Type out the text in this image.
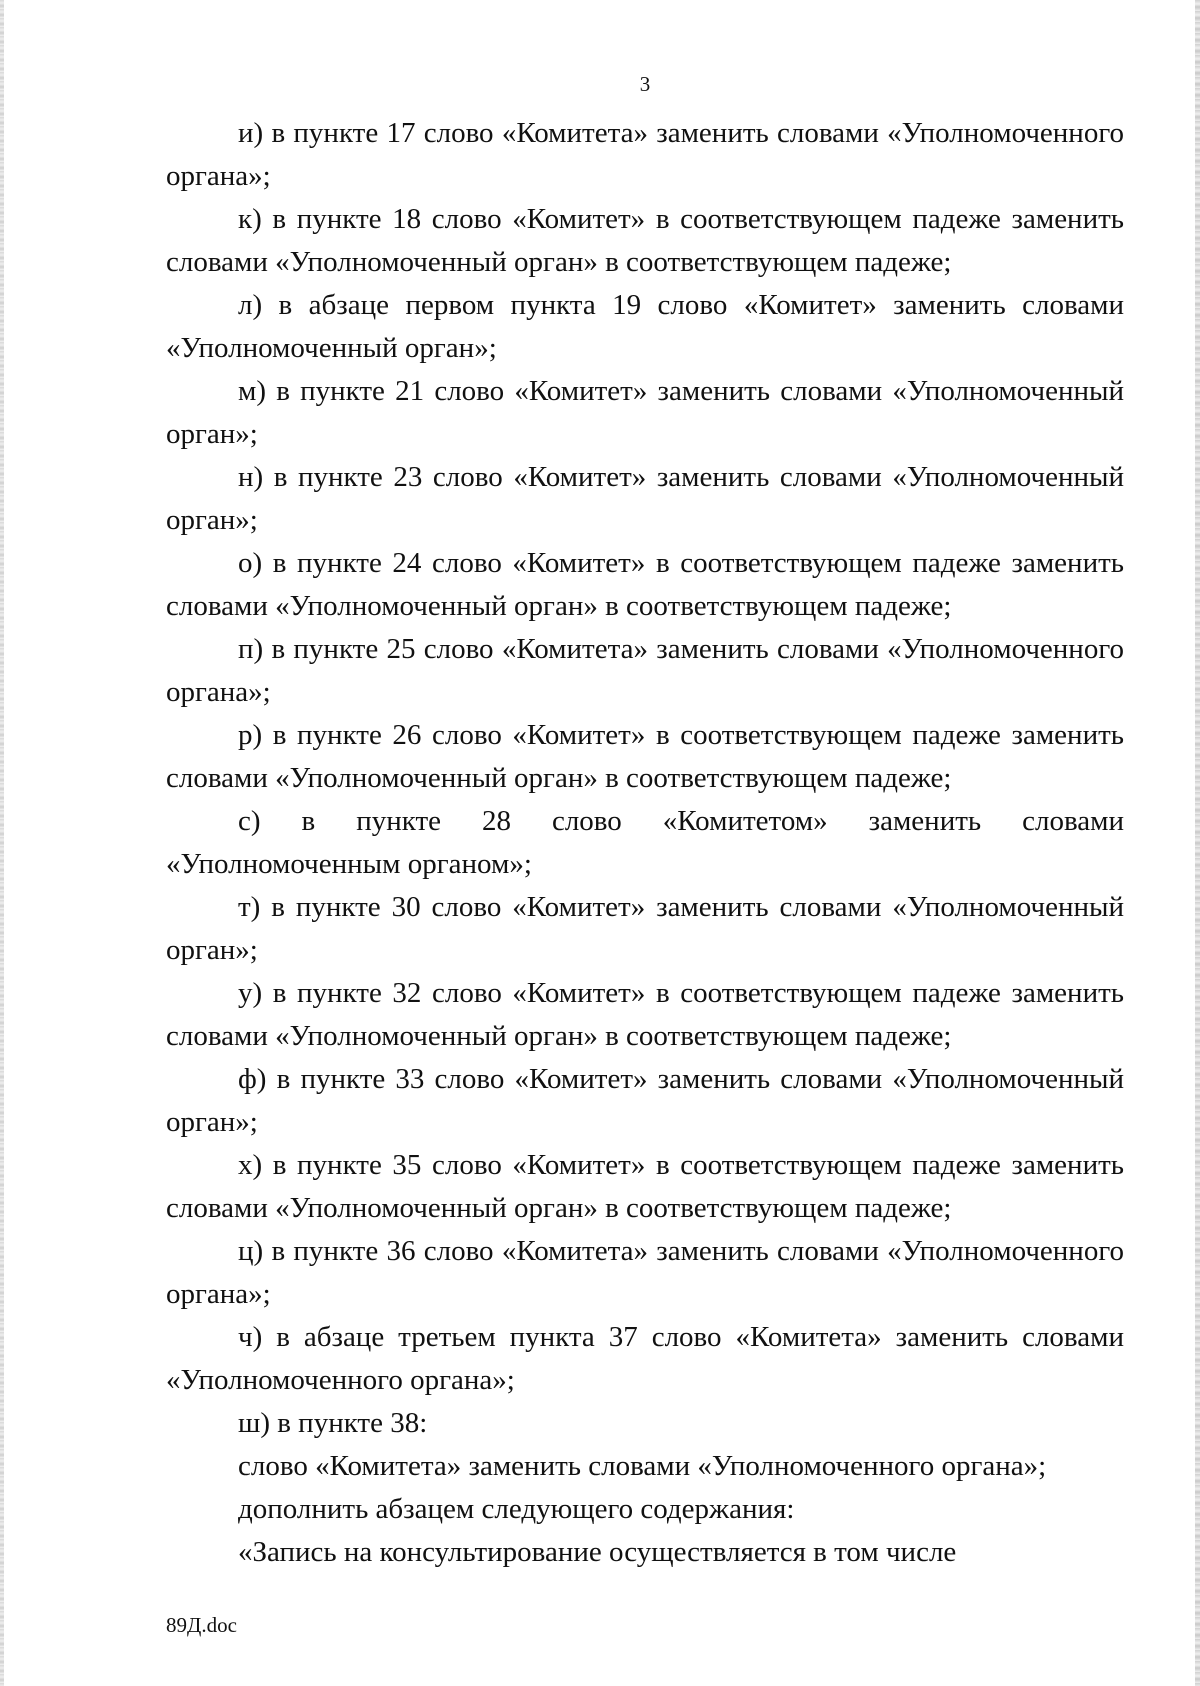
3

и) в пункте 17 слово «Комитета» заменить словами «Уполномоченного органа»;

к) в пункте 18 слово «Комитет» в соответствующем падеже заменить словами «Уполномоченный орган» в соответствующем падеже;

л) в абзаце первом пункта 19 слово «Комитет» заменить словами «Уполномоченный орган»;

м) в пункте 21 слово «Комитет» заменить словами «Уполномоченный орган»;

н) в пункте 23 слово «Комитет» заменить словами «Уполномоченный орган»;

о) в пункте 24 слово «Комитет» в соответствующем падеже заменить словами «Уполномоченный орган» в соответствующем падеже;

п) в пункте 25 слово «Комитета» заменить словами «Уполномоченного органа»;

р) в пункте 26 слово «Комитет» в соответствующем падеже заменить словами «Уполномоченный орган» в соответствующем падеже;

с) в пункте 28 слово «Комитетом» заменить словами «Уполномоченным органом»;

т) в пункте 30 слово «Комитет» заменить словами «Уполномоченный орган»;

у) в пункте 32 слово «Комитет» в соответствующем падеже заменить словами «Уполномоченный орган» в соответствующем падеже;

ф) в пункте 33 слово «Комитет» заменить словами «Уполномоченный орган»;

х) в пункте 35 слово «Комитет» в соответствующем падеже заменить словами «Уполномоченный орган» в соответствующем падеже;

ц) в пункте 36 слово «Комитета» заменить словами «Уполномоченного органа»;

ч) в абзаце третьем пункта 37 слово «Комитета» заменить словами «Уполномоченного органа»;

ш) в пункте 38:

слово «Комитета» заменить словами «Уполномоченного органа»;

дополнить абзацем следующего содержания:

«Запись на консультирование осуществляется в том числе

89Д.doc
